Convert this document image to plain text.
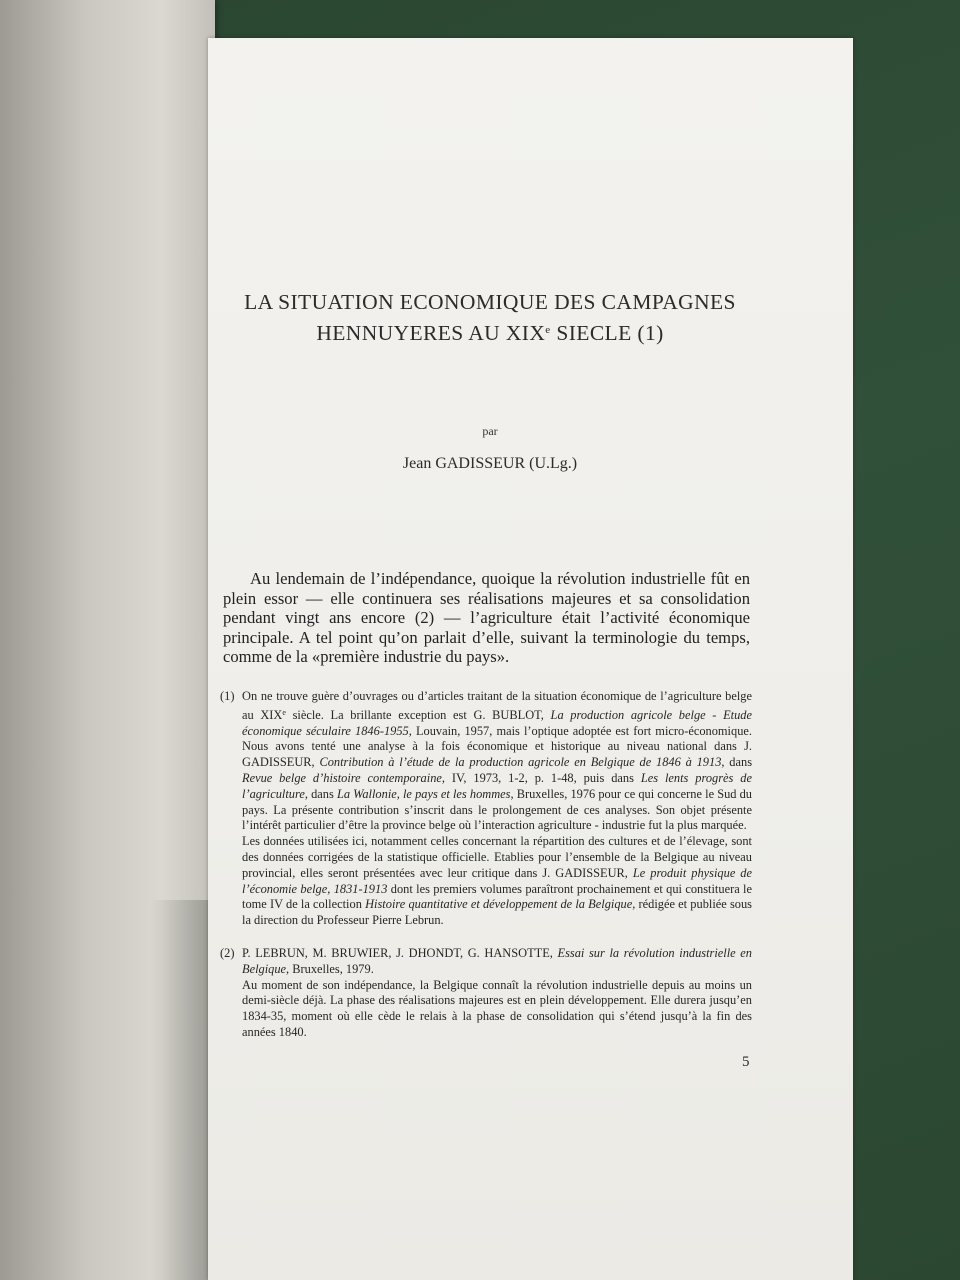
LA SITUATION ECONOMIQUE DES CAMPAGNES
HENNUYERES AU XIXe SIECLE (1)
par
Jean GADISSEUR (U.Lg.)

Au lendemain de l’indépendance, quoique la révolution industrielle fût en plein essor — elle continuera ses réalisations majeures et sa consolidation pendant vingt ans encore (2) — l’agriculture était l’activité économique principale. A tel point qu’on parlait d’elle, suivant la terminologie du temps, comme de la «première industrie du pays».

(1) On ne trouve guère d’ouvrages ou d’articles traitant de la situation économique de l’agriculture belge au XIXe siècle. La brillante exception est G. BUBLOT, La production agricole belge - Etude économique séculaire 1846-1955, Louvain, 1957, mais l’optique adoptée est fort micro-économique. Nous avons tenté une analyse à la fois économique et historique au niveau national dans J. GADISSEUR, Contribution à l’étude de la production agricole en Belgique de 1846 à 1913, dans Revue belge d’histoire contemporaine, IV, 1973, 1-2, p. 1-48, puis dans Les lents progrès de l’agriculture, dans La Wallonie, le pays et les hommes, Bruxelles, 1976 pour ce qui concerne le Sud du pays. La présente contribution s’inscrit dans le prolongement de ces analyses. Son objet présente l’intérêt particulier d’être la province belge où l’interaction agriculture - industrie fut la plus marquée.
Les données utilisées ici, notamment celles concernant la répartition des cultures et de l’élevage, sont des données corrigées de la statistique officielle. Etablies pour l’ensemble de la Belgique au niveau provincial, elles seront présentées avec leur critique dans J. GADISSEUR, Le produit physique de l’économie belge, 1831-1913 dont les premiers volumes paraîtront prochainement et qui constituera le tome IV de la collection Histoire quantitative et développement de la Belgique, rédigée et publiée sous la direction du Professeur Pierre Lebrun.
(2) P. LEBRUN, M. BRUWIER, J. DHONDT, G. HANSOTTE, Essai sur la révolution industrielle en Belgique, Bruxelles, 1979.
Au moment de son indépendance, la Belgique connaît la révolution industrielle depuis au moins un demi-siècle déjà. La phase des réalisations majeures est en plein développement. Elle durera jusqu’en 1834-35, moment où elle cède le relais à la phase de consolidation qui s’étend jusqu’à la fin des années 1840.
5
